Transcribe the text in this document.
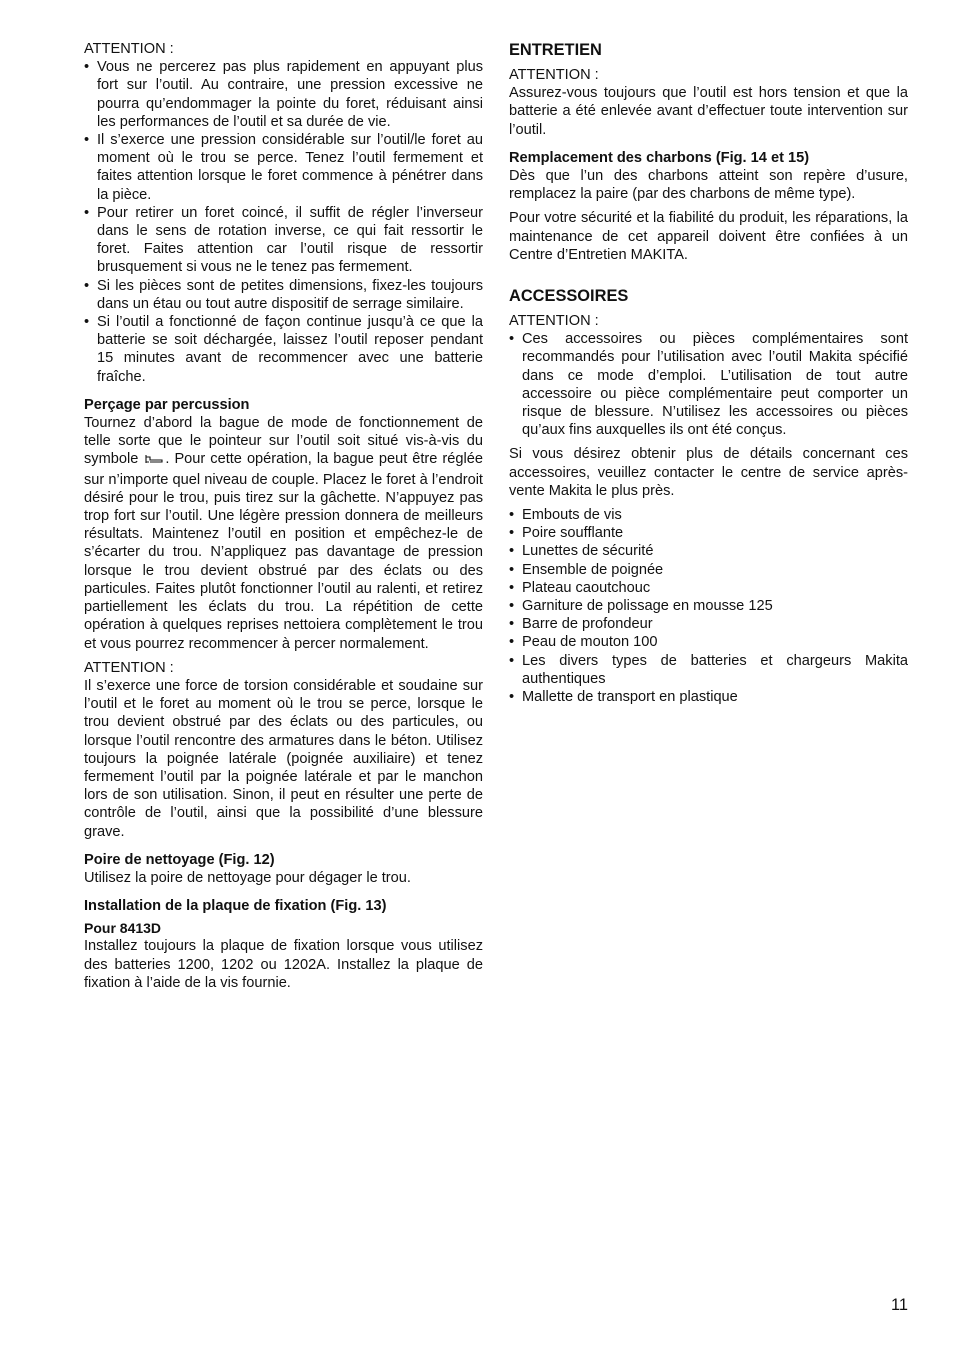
ATTENTION :
• Vous ne percerez pas plus rapidement en appuyant plus fort sur l’outil. Au contraire, une pression excessive ne pourra qu’endommager la pointe du foret, réduisant ainsi les performances de l’outil et sa durée de vie.
• Il s’exerce une pression considérable sur l’outil/le foret au moment où le trou se perce. Tenez l’outil fermement et faites attention lorsque le foret commence à pénétrer dans la pièce.
• Pour retirer un foret coincé, il suffit de régler l’inverseur dans le sens de rotation inverse, ce qui fait ressortir le foret. Faites attention car l’outil risque de ressortir brusquement si vous ne le tenez pas fermement.
• Si les pièces sont de petites dimensions, fixez-les toujours dans un étau ou tout autre dispositif de serrage similaire.
• Si l’outil a fonctionné de façon continue jusqu’à ce que la batterie se soit déchargée, laissez l’outil reposer pendant 15 minutes avant de recommencer avec une batterie fraîche.
Perçage par percussion

Tournez d’abord la bague de mode de fonctionnement de telle sorte que le pointeur sur l’outil soit situé vis-à-vis du symbole . Pour cette opération, la bague peut être réglée sur n’importe quel niveau de couple. Placez le foret à l’endroit désiré pour le trou, puis tirez sur la gâchette. N’appuyez pas trop fort sur l’outil. Une légère pression donnera de meilleurs résultats. Maintenez l’outil en position et empêchez-le de s’écarter du trou. N’appliquez pas davantage de pression lorsque le trou devient obstrué par des éclats ou des particules. Faites plutôt fonctionner l’outil au ralenti, et retirez partiellement les éclats du trou. La répétition de cette opération à quelques reprises nettoiera complètement le trou et vous pourrez recommencer à percer normalement.

ATTENTION :

Il s’exerce une force de torsion considérable et soudaine sur l’outil et le foret au moment où le trou se perce, lorsque le trou devient obstrué par des éclats ou des particules, ou lorsque l’outil rencontre des armatures dans le béton. Utilisez toujours la poignée latérale (poignée auxiliaire) et tenez fermement l’outil par la poignée latérale et par le manchon lors de son utilisation. Sinon, il peut en résulter une perte de contrôle de l’outil, ainsi que la possibilité d’une blessure grave.

Poire de nettoyage (Fig. 12)

Utilisez la poire de nettoyage pour dégager le trou.

Installation de la plaque de fixation (Fig. 13)
Pour 8413D

Installez toujours la plaque de fixation lorsque vous utilisez des batteries 1200, 1202 ou 1202A. Installez la plaque de fixation à l’aide de la vis fournie.

ENTRETIEN
ATTENTION :

Assurez-vous toujours que l’outil est hors tension et que la batterie a été enlevée avant d’effectuer toute intervention sur l’outil.

Remplacement des charbons (Fig. 14 et 15)

Dès que l’un des charbons atteint son repère d’usure, remplacez la paire (par des charbons de même type).

Pour votre sécurité et la fiabilité du produit, les réparations, la maintenance de cet appareil doivent être confiées à un Centre d’Entretien MAKITA.

ACCESSOIRES
ATTENTION :
• Ces accessoires ou pièces complémentaires sont recommandés pour l’utilisation avec l’outil Makita spécifié dans ce mode d’emploi. L’utilisation de tout autre accessoire ou pièce complémentaire peut comporter un risque de blessure. N’utilisez les accessoires ou pièces qu’aux fins auxquelles ils ont été conçus.

Si vous désirez obtenir plus de détails concernant ces accessoires, veuillez contacter le centre de service après-vente Makita le plus près.

• Embouts de vis
• Poire soufflante
• Lunettes de sécurité
• Ensemble de poignée
• Plateau caoutchouc
• Garniture de polissage en mousse 125
• Barre de profondeur
• Peau de mouton 100
• Les divers types de batteries et chargeurs Makita authentiques
• Mallette de transport en plastique
11
